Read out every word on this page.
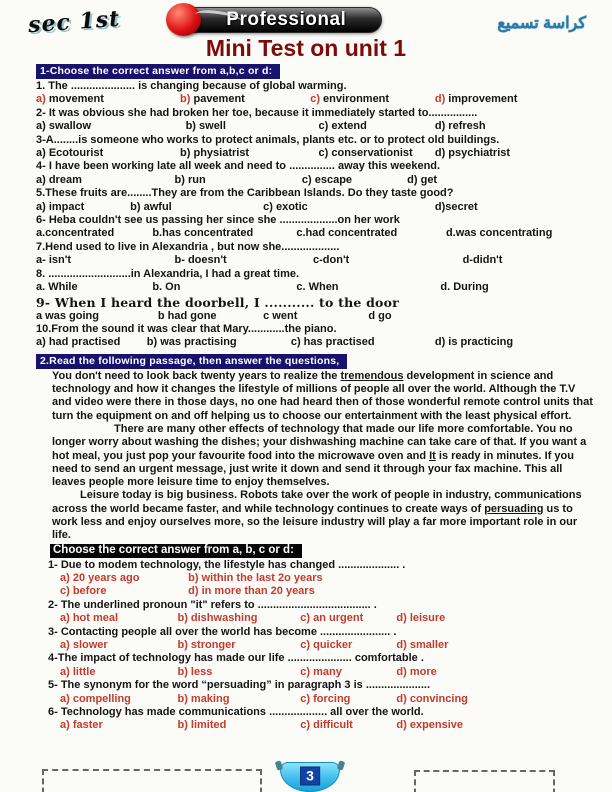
sec 1st	Professional	كراسة تسميع
Mini Test on unit 1
1-Choose the correct answer from a,b,c or d:
1. The ..................... is changing because of global warming.
a) movement	b) pavement	c) environment	d) improvement
2- It was obvious she had broken her toe, because it immediately started to................
a) swallow	b) swell	c) extend	d) refresh
3-A........is someone who works to protect animals, plants etc. or to protect old buildings.
a) Ecotourist	b) physiatrist	c) conservationist	d) psychiatrist
4- I have been working late all week and need to ............... away this weekend.
a) dream	b) run	c) escape	d) get
5.These fruits are........They are from the Caribbean Islands. Do they taste good?
a) impact	b) awful	c) exotic	d)secret
6- Heba couldn't see us passing her since she ...................on her work
a.concentrated	b.has concentrated	c.had concentrated	d.was concentrating
7.Hend used to live in Alexandria , but now she...................
a- isn't	b- doesn't	c-don't	d-didn't
8. ...........................in Alexandria, I had a great time.
a. While	b. On	c. When	d. During
9- When I heard the doorbell, I ........... to the door
a was going	b had gone	c went	d go
10.From the sound it was clear that Mary............the piano.
a) had practised	b) was practising	c) has practised	d) is practicing
2.Read the following passage, then answer the questions,

You don't need to look back twenty years to realize the tremendous development in science and technology and how it changes the lifestyle of millions of people all over the world. Although the T.V and video were there in those days, no one had heard then of those wonderful remote control units that turn the equipment on and off helping us to choose our entertainment with the least physical effort.

There are many other effects of technology that made our life more comfortable. You no longer worry about washing the dishes; your dishwashing machine can take care of that. If you want a hot meal, you just pop your favourite food into the microwave oven and It is ready in minutes. If you need to send an urgent message, just write it down and send it through your fax machine. This all leaves people more leisure time to enjoy themselves.

Leisure today is big business. Robots take over the work of people in industry, communications across the world became faster, and while technology continues to create ways of persuading us to work less and enjoy ourselves more, so the leisure industry will play a far more important role in our life.

Choose the correct answer from a, b, c or d:
1- Due to modem technology, the lifestyle has changed .................... .
a) 20 years ago	b) within the last 2o years
c) before	d) in more than 20 years
2- The underlined pronoun "it" refers to ..................................... .
a) hot meal	b) dishwashing	c) an urgent	d) leisure
3- Contacting people all over the world has become ....................... .
a) slower	b) stronger	c) quicker	d) smaller
4-The impact of technology has made our life ..................... comfortable .
a) little	b) less	c) many	d) more
5- The synonym for the word “persuading” in paragraph 3 is .....................
a) compelling	b) making	c) forcing	d) convincing
6- Technology has made communications ................... all over the world.
a) faster	b) limited	c) difficult	d) expensive
3
